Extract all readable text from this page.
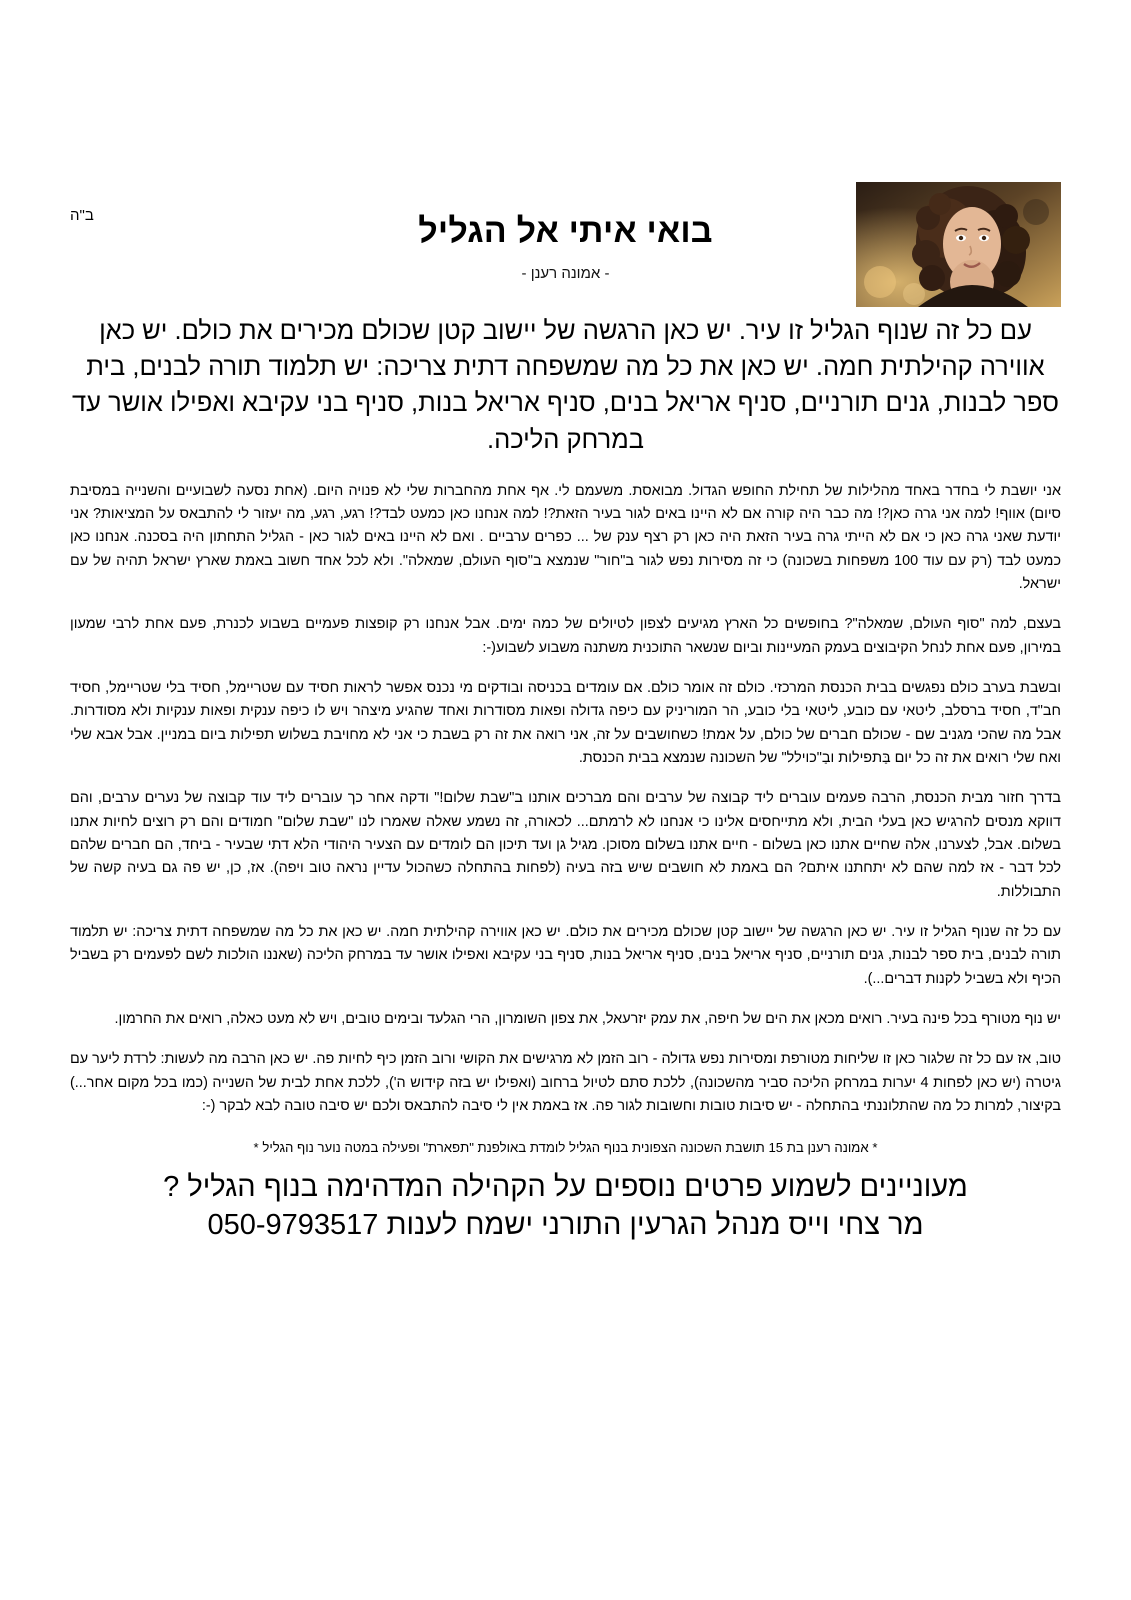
ב"ה	בואי איתי אל הגליל

- אמונה רענן -

עם כל זה שנוף הגליל זו עיר. יש כאן הרגשה של יישוב קטן שכולם מכירים את כולם. יש כאן אווירה קהילתית חמה. יש כאן את כל מה שמשפחה דתית צריכה: יש תלמוד תורה לבנים, בית ספר לבנות, גנים תורניים, סניף אריאל בנים, סניף אריאל בנות, סניף בני עקיבא ואפילו אושר עד במרחק הליכה.

אני יושבת לי בחדר באחד מהלילות של תחילת החופש הגדול. מבואסת. משעמם לי. אף אחת מהחברות שלי לא פנויה היום. (אחת נסעה לשבועיים והשנייה במסיבת סיום) אווף! למה אני גרה כאן?! מה כבר היה קורה אם לא היינו באים לגור בעיר הזאת?! למה אנחנו כאן כמעט לבד?! רגע, רגע, מה יעזור לי להתבאס על המציאות? אני יודעת שאני גרה כאן כי אם לא הייתי גרה בעיר הזאת היה כאן רק רצף ענק של ... כפרים ערביים . ואם לא היינו באים לגור כאן - הגליל התחתון היה בסכנה. אנחנו כאן כמעט לבד (רק עם עוד 100 משפחות בשכונה) כי זה מסירות נפש לגור ב"חור" שנמצא ב"סוף העולם, שמאלה". ולא לכל אחד חשוב באמת שארץ ישראל תהיה של עם ישראל.

בעצם, למה "סוף העולם, שמאלה"? בחופשים כל הארץ מגיעים לצפון לטיולים של כמה ימים. אבל אנחנו רק קופצות פעמיים בשבוע לכנרת, פעם אחת לרבי שמעון במירון, פעם אחת לנחל הקיבוצים בעמק המעיינות וביום שנשאר התוכנית משתנה משבוע לשבוע(-:

ובשבת בערב כולם נפגשים בבית הכנסת המרכזי. כולם זה אומר כולם. אם עומדים בכניסה ובודקים מי נכנס אפשר לראות חסיד עם שטריימל, חסיד בלי שטריימל, חסיד חב"ד, חסיד ברסלב, ליטאי עם כובע, ליטאי בלי כובע, הר המוריניק עם כיפה גדולה ופאות מסודרות ואחד שהגיע מיצהר ויש לו כיפה ענקית ופאות ענקיות ולא מסודרות. אבל מה שהכי מגניב שם - שכולם חברים של כולם, על אמת! כשחושבים על זה, אני רואה את זה רק בשבת כי אני לא מחויבת בשלוש תפילות ביום במניין. אבל אבא שלי ואח שלי רואים את זה כל יום בַּתפילות ובַ"כוילל" של השכונה שנמצא בבית הכנסת.

בדרך חזור מבית הכנסת, הרבה פעמים עוברים ליד קבוצה של ערבים והם מברכים אותנו ב"שבת שלום!" ודקה אחר כך עוברים ליד עוד קבוצה של נערים ערבים, והם דווקא מנסים להרגיש כאן בעלי הבית, ולא מתייחסים אלינו כי אנחנו לא לרמתם... לכאורה, זה נשמע שאלה שאמרו לנו "שבת שלום" חמודים והם רק רוצים לחיות אתנו בשלום. אבל, לצערנו, אלה שחיים אתנו כאן בשלום - חיים אתנו בשלום מסוכן. מגיל גן ועד תיכון הם לומדים עם הצעיר היהודי הלא דתי שבעיר - ביחד, הם חברים שלהם לכל דבר - אז למה שהם לא יתחתנו איתם? הם באמת לא חושבים שיש בזה בעיה (לפחות בהתחלה כשהכול עדיין נראה טוב ויפה). אז, כן, יש פה גם בעיה קשה של התבוללות.

עם כל זה שנוף הגליל זו עיר. יש כאן הרגשה של יישוב קטן שכולם מכירים את כולם. יש כאן אווירה קהילתית חמה. יש כאן את כל מה שמשפחה דתית צריכה: יש תלמוד תורה לבנים, בית ספר לבנות, גנים תורניים, סניף אריאל בנים, סניף אריאל בנות, סניף בני עקיבא ואפילו אושר עד במרחק הליכה (שאננו הולכות לשם לפעמים רק בשביל הכיף ולא בשביל לקנות דברים...).

יש נוף מטורף בכל פינה בעיר. רואים מכאן את הים של חיפה, את עמק יזרעאל, את צפון השומרון, הרי הגלעד ובימים טובים, ויש לא מעט כאלה, רואים את החרמון.

טוב, אז עם כל זה שלגור כאן זו שליחות מטורפת ומסירות נפש גדולה - רוב הזמן לא מרגישים את הקושי ורוב הזמן כיף לחיות פה. יש כאן הרבה מה לעשות: לרדת ליער עם גיטרה (יש כאן לפחות 4 יערות במרחק הליכה סביר מהשכונה), ללכת סתם לטיול ברחוב (ואפילו יש בזה קידוש ה'), ללכת אחת לבית של השנייה (כמו בכל מקום אחר...) בקיצור, למרות כל מה שהתלוננתי בהתחלה - יש סיבות טובות וחשובות לגור פה. אז באמת אין לי סיבה להתבאס ולכם יש סיבה טובה לבא לבקר (-:

* אמונה רענן בת 15 תושבת השכונה הצפונית בנוף הגליל לומדת באולפנת "תפארת" ופעילה במטה נוער נוף הגליל *

מעוניינים לשמוע פרטים נוספים על הקהילה המדהימה בנוף הגליל ?
מר צחי וייס מנהל הגרעין התורני ישמח לענות 050-9793517
